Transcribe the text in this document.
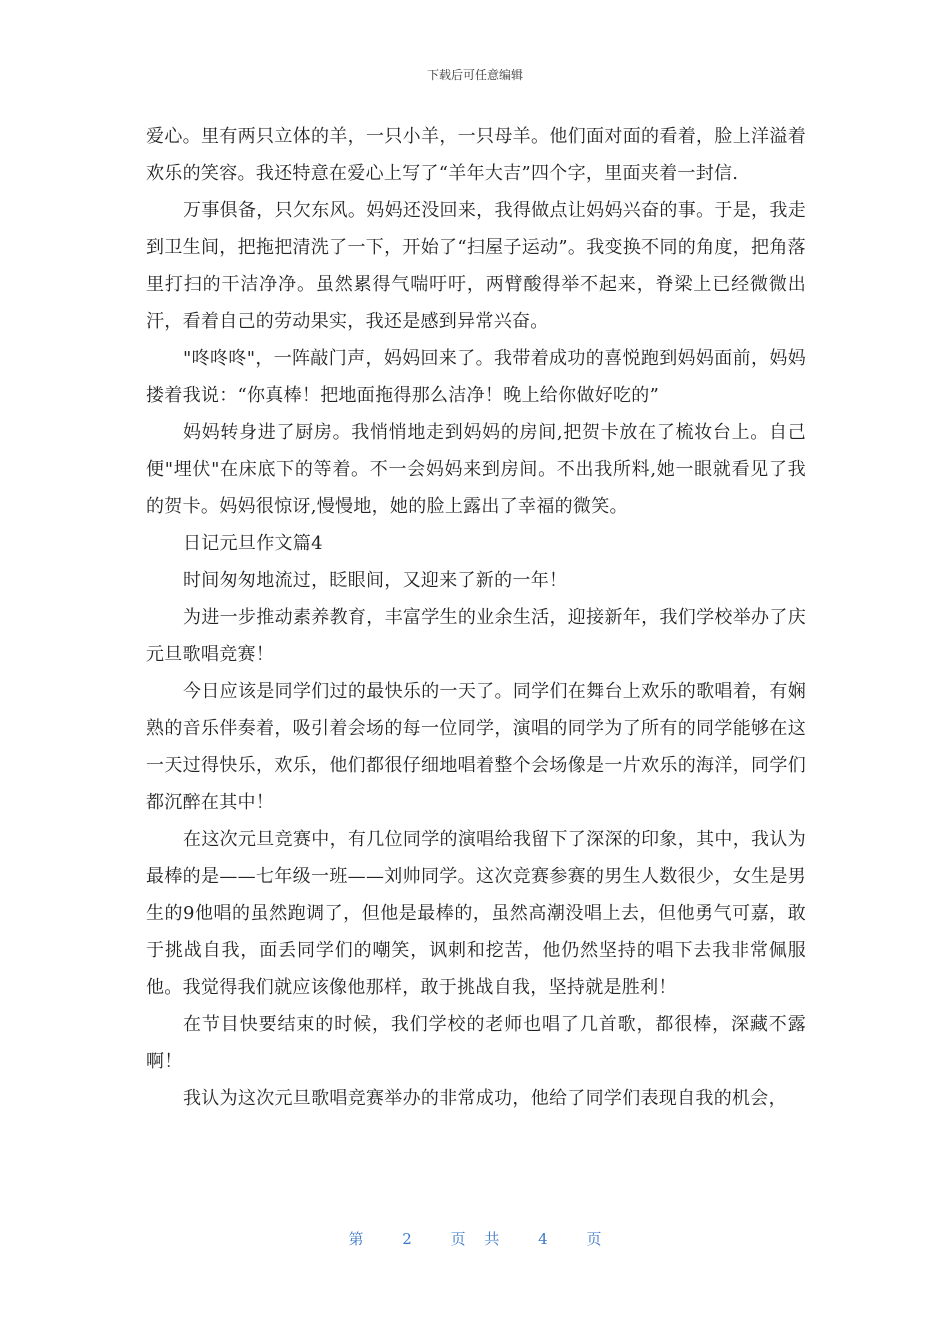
下载后可任意编辑

爱心。里有两只立体的羊，一只小羊，一只母羊。他们面对面的看着，脸上洋溢着欢乐的笑容。我还特意在爱心上写了“羊年大吉”四个字，里面夹着一封信.

万事俱备，只欠东风。妈妈还没回来，我得做点让妈妈兴奋的事。于是，我走到卫生间，把拖把清洗了一下，开始了“扫屋子运动”。我变换不同的角度，把角落里打扫的干洁净净。虽然累得气喘吁吁，两臂酸得举不起来，脊梁上已经微微出汗，看着自己的劳动果实，我还是感到异常兴奋。

"咚咚咚"，一阵敲门声，妈妈回来了。我带着成功的喜悦跑到妈妈面前，妈妈搂着我说：“你真棒！把地面拖得那么洁净！晚上给你做好吃的”

妈妈转身进了厨房。我悄悄地走到妈妈的房间,把贺卡放在了梳妆台上。自己便"埋伏"在床底下的等着。不一会妈妈来到房间。不出我所料,她一眼就看见了我的贺卡。妈妈很惊讶,慢慢地，她的脸上露出了幸福的微笑。

日记元旦作文篇4

时间匆匆地流过，眨眼间，又迎来了新的一年！

为进一步推动素养教育，丰富学生的业余生活，迎接新年，我们学校举办了庆元旦歌唱竞赛！

今日应该是同学们过的最快乐的一天了。同学们在舞台上欢乐的歌唱着，有娴熟的音乐伴奏着，吸引着会场的每一位同学，演唱的同学为了所有的同学能够在这一天过得快乐，欢乐，他们都很仔细地唱着整个会场像是一片欢乐的海洋，同学们都沉醉在其中！

在这次元旦竞赛中，有几位同学的演唱给我留下了深深的印象，其中，我认为最棒的是——七年级一班——刘帅同学。这次竞赛参赛的男生人数很少，女生是男生的9他唱的虽然跑调了，但他是最棒的，虽然高潮没唱上去，但他勇气可嘉，敢于挑战自我，面丢同学们的嘲笑，讽刺和挖苦，他仍然坚持的唱下去我非常佩服他。我觉得我们就应该像他那样，敢于挑战自我，坚持就是胜利！

在节目快要结束的时候，我们学校的老师也唱了几首歌，都很棒，深藏不露啊！

我认为这次元旦歌唱竞赛举办的非常成功，他给了同学们表现自我的机会，

第	2	页 共	4	页
